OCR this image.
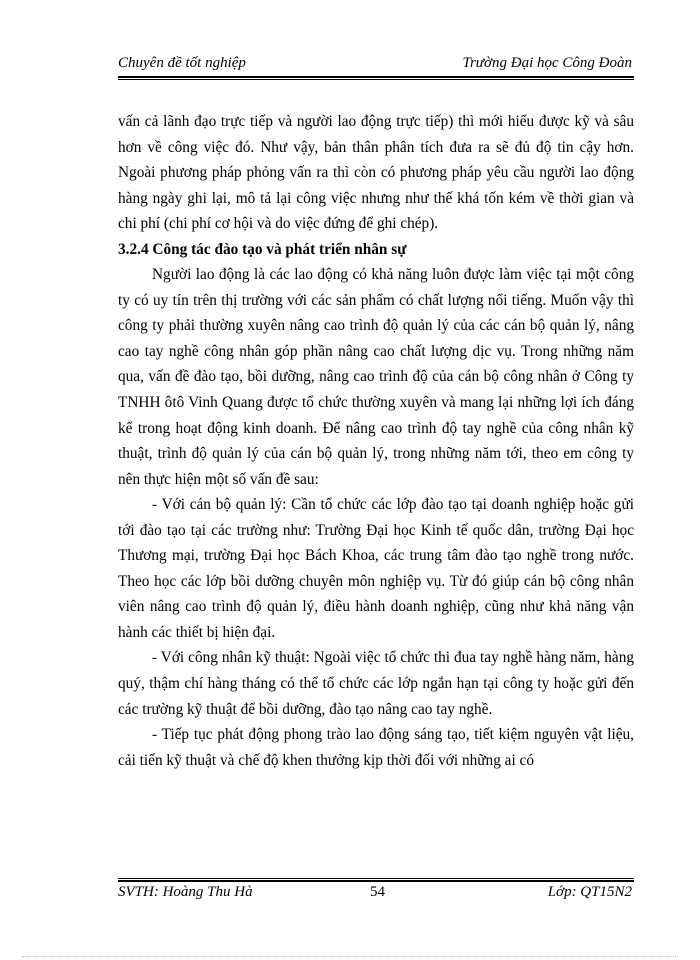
Chuyên đề tốt nghiệp	Trường Đại học Công Đoàn

vấn cả lãnh đạo trực tiếp và người lao động trực tiếp) thì mới hiểu được kỹ và sâu hơn về công việc đó. Như vậy, bản thân phân tích đưa ra sẽ đủ độ tin cậy hơn. Ngoài phương pháp phỏng vấn ra thì còn có phương pháp yêu cầu người lao động hàng ngày ghi lại, mô tả lại công việc nhưng như thế khá tốn kém về thời gian và chi phí (chi phí cơ hội và do việc đứng để ghi chép).

3.2.4 Công tác đào tạo và phát triển nhân sự

Người lao động là các lao động có khả năng luôn được làm việc tại một công ty có uy tín trên thị trường với các sản phẩm có chất lượng nổi tiếng. Muốn vậy thì công ty phải thường xuyên nâng cao trình độ quản lý của các cán bộ quản lý, nâng cao tay nghề công nhân góp phần nâng cao chất lượng dịc vụ. Trong những năm qua, vấn đề đào tạo, bồi dưỡng, nâng cao trình độ của cán bộ công nhân ở Công ty TNHH ôtô Vinh Quang được tổ chức thường xuyên và mang lại những lợi ích đáng kể trong hoạt động kinh doanh. Để nâng cao trình độ tay nghề của công nhân kỹ thuật, trình độ quản lý của cán bộ quản lý, trong những năm tới, theo em công ty nên thực hiện một số vấn đề sau:

- Với cán bộ quản lý: Cần tổ chức các lớp đào tạo tại doanh nghiệp hoặc gửi tới đào tạo tại các trường như: Trường Đại học Kinh tế quốc dân, trường Đại học Thương mại, trường Đại học Bách Khoa, các trung tâm đào tạo nghề trong nước. Theo học các lớp bồi dưỡng chuyên môn nghiệp vụ. Từ đó giúp cán bộ công nhân viên nâng cao trình độ quản lý, điều hành doanh nghiệp, cũng như khả năng vận hành các thiết bị hiện đại.

- Với công nhân kỹ thuật: Ngoài việc tổ chức thi đua tay nghề hàng năm, hàng quý, thậm chí hàng tháng có thể tổ chức các lớp ngắn hạn tại công ty hoặc gửi đến các trường kỹ thuật để bồi dưỡng, đào tạo nâng cao tay nghề.

- Tiếp tục phát động phong trào lao động sáng tạo, tiết kiệm nguyên vật liệu, cải tiến kỹ thuật và chế độ khen thưởng kịp thời đối với những ai có

SVTH: Hoàng Thu Hà	54	Lớp: QT15N2
